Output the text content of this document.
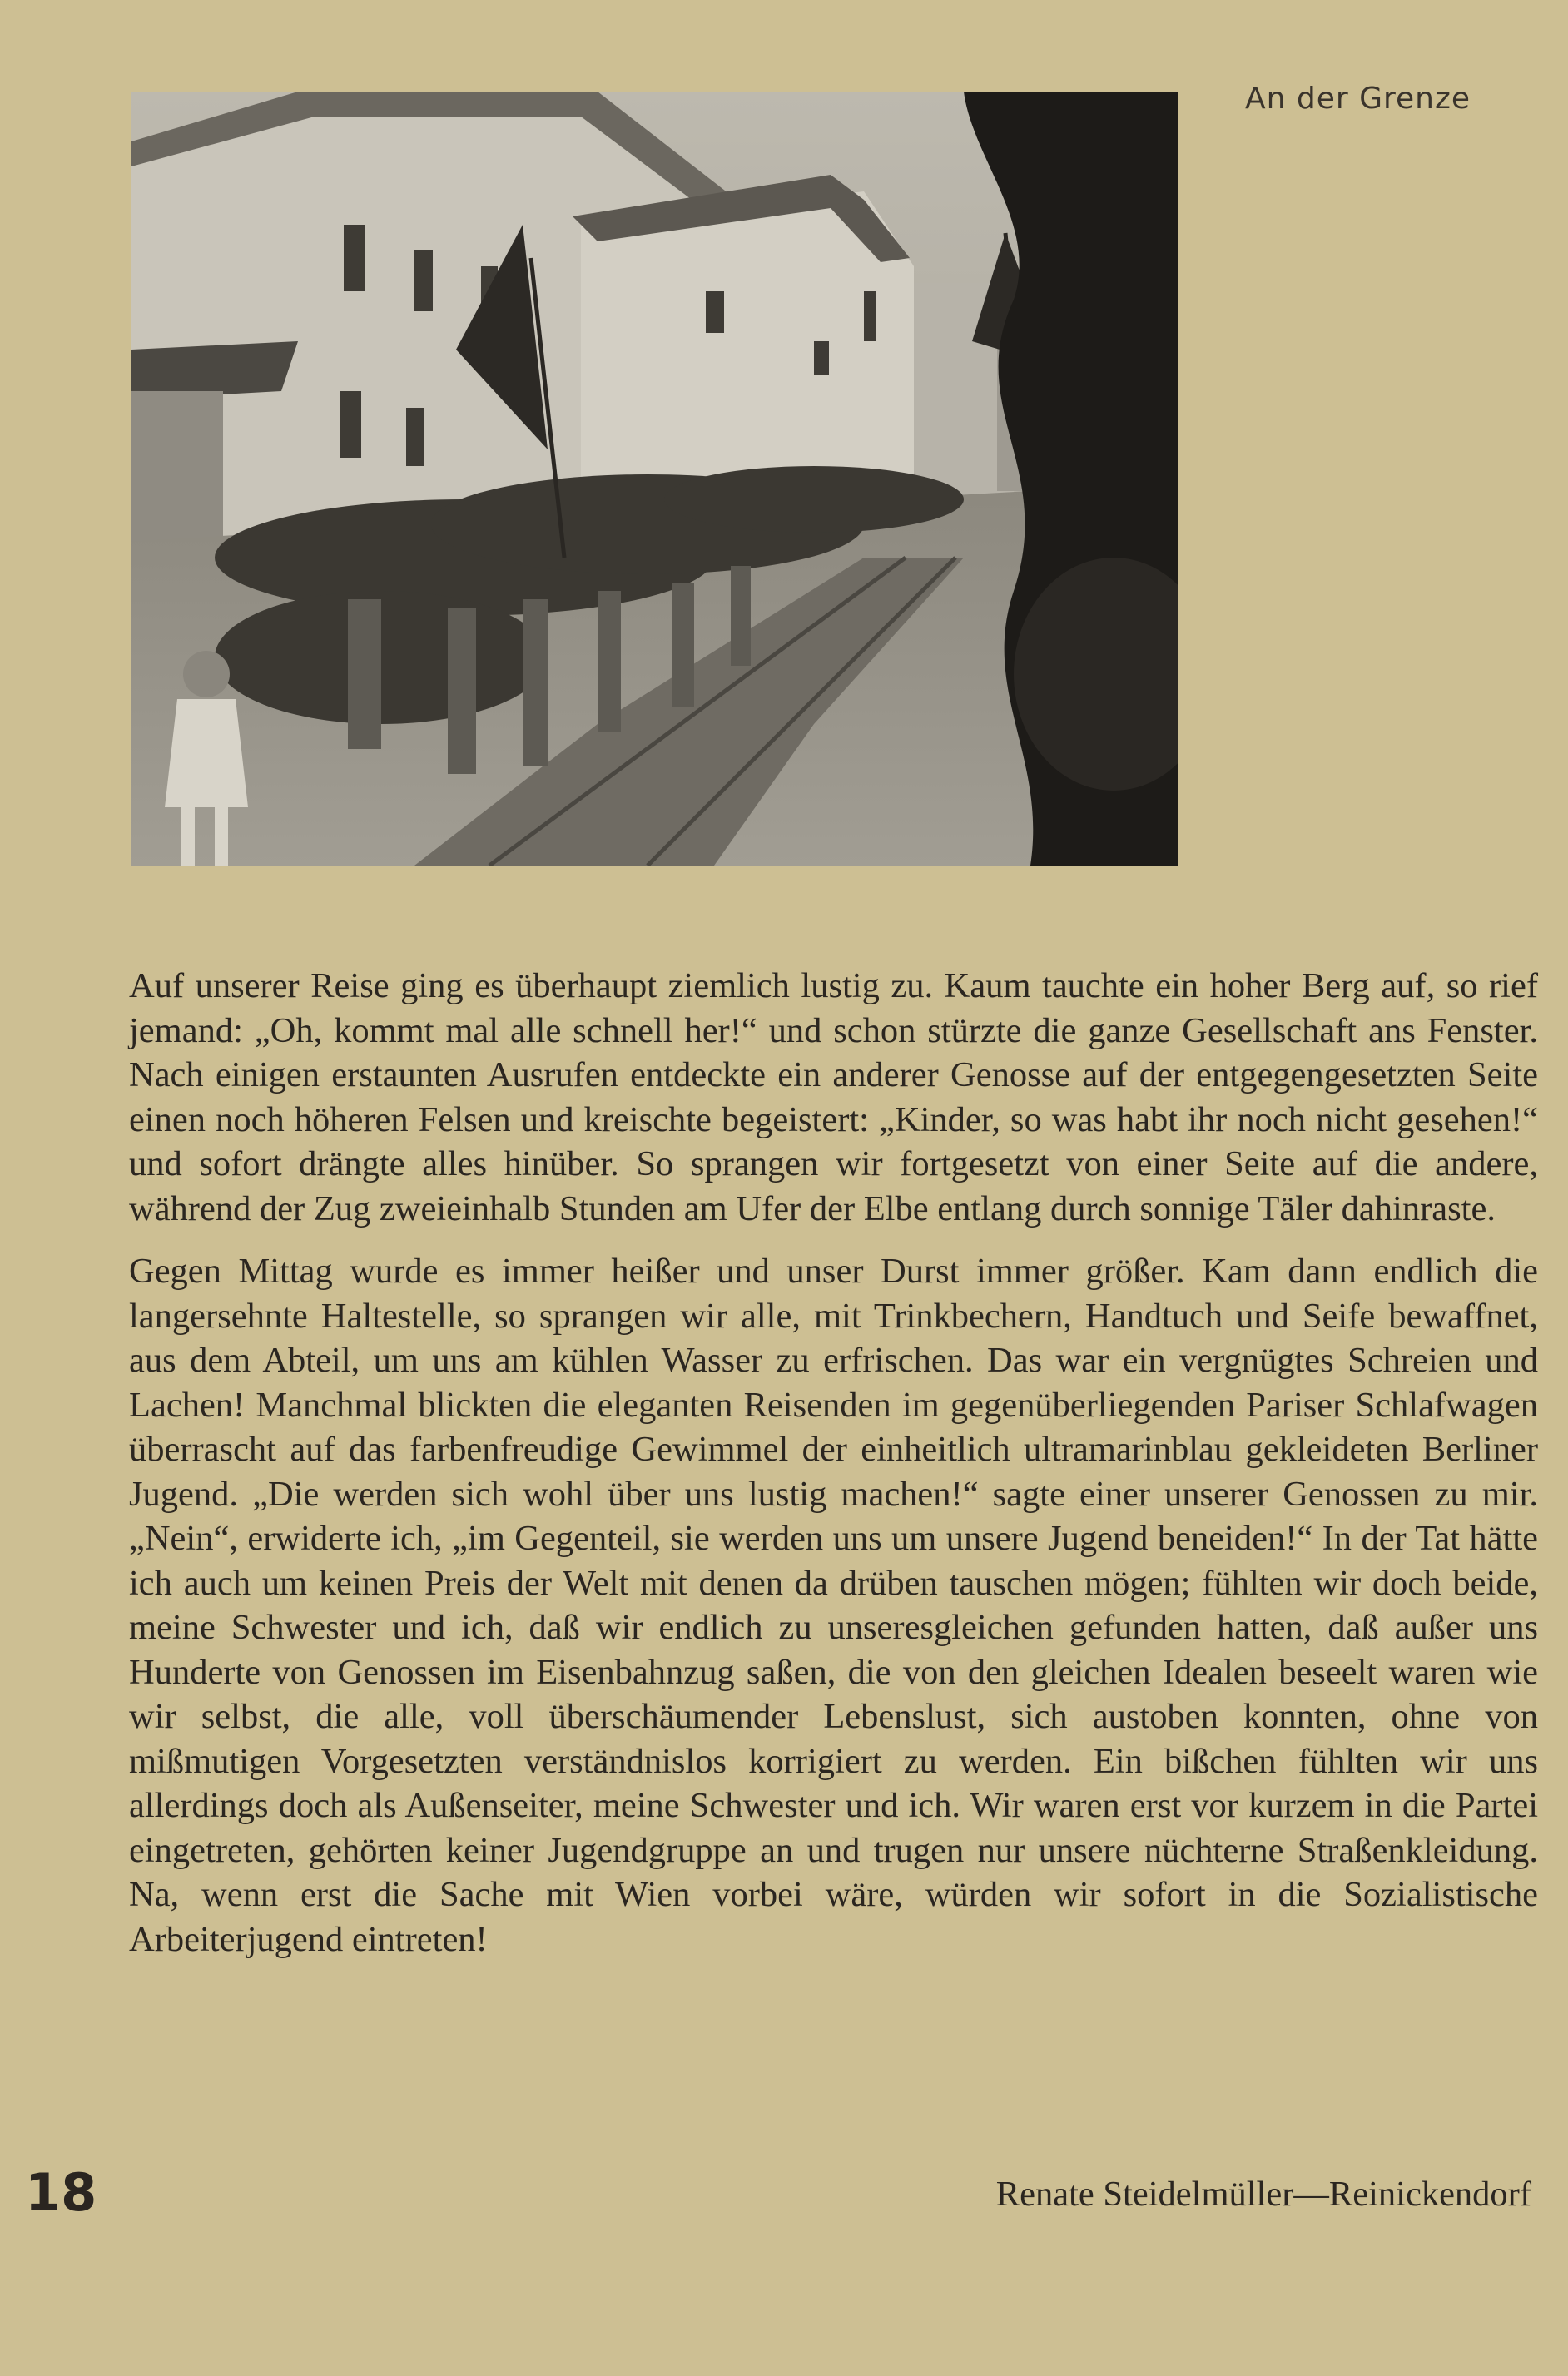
An der Grenze

Auf unserer Reise ging es überhaupt ziemlich lustig zu. Kaum tauchte ein hoher Berg auf, so rief jemand: „Oh, kommt mal alle schnell her!“ und schon stürzte die ganze Gesellschaft ans Fenster. Nach einigen erstaunten Ausrufen entdeckte ein anderer Genosse auf der entgegengesetzten Seite einen noch höheren Felsen und kreischte begeistert: „Kinder, so was habt ihr noch nicht gesehen!“ und sofort drängte alles hinüber. So sprangen wir fortgesetzt von einer Seite auf die andere, während der Zug zweieinhalb Stunden am Ufer der Elbe entlang durch sonnige Täler dahinraste.

Gegen Mittag wurde es immer heißer und unser Durst immer größer. Kam dann endlich die langersehnte Haltestelle, so sprangen wir alle, mit Trinkbechern, Handtuch und Seife bewaffnet, aus dem Abteil, um uns am kühlen Wasser zu erfrischen. Das war ein vergnügtes Schreien und Lachen! Manchmal blickten die eleganten Reisenden im gegenüberliegenden Pariser Schlafwagen überrascht auf das farbenfreudige Gewimmel der einheitlich ultramarinblau gekleideten Berliner Jugend. „Die werden sich wohl über uns lustig machen!“ sagte einer unserer Genossen zu mir. „Nein“, erwiderte ich, „im Gegenteil, sie werden uns um unsere Jugend beneiden!“ In der Tat hätte ich auch um keinen Preis der Welt mit denen da drüben tauschen mögen; fühlten wir doch beide, meine Schwester und ich, daß wir endlich zu unseresgleichen gefunden hatten, daß außer uns Hunderte von Genossen im Eisenbahnzug saßen, die von den gleichen Idealen beseelt waren wie wir selbst, die alle, voll überschäumender Lebenslust, sich austoben konnten, ohne von mißmutigen Vorgesetzten verständnislos korrigiert zu werden. Ein bißchen fühlten wir uns allerdings doch als Außenseiter, meine Schwester und ich. Wir waren erst vor kurzem in die Partei eingetreten, gehörten keiner Jugendgruppe an und trugen nur unsere nüchterne Straßenkleidung. Na, wenn erst die Sache mit Wien vorbei wäre, würden wir sofort in die Sozialistische Arbeiterjugend eintreten!

18	Renate Steidelmüller—Reinickendorf
